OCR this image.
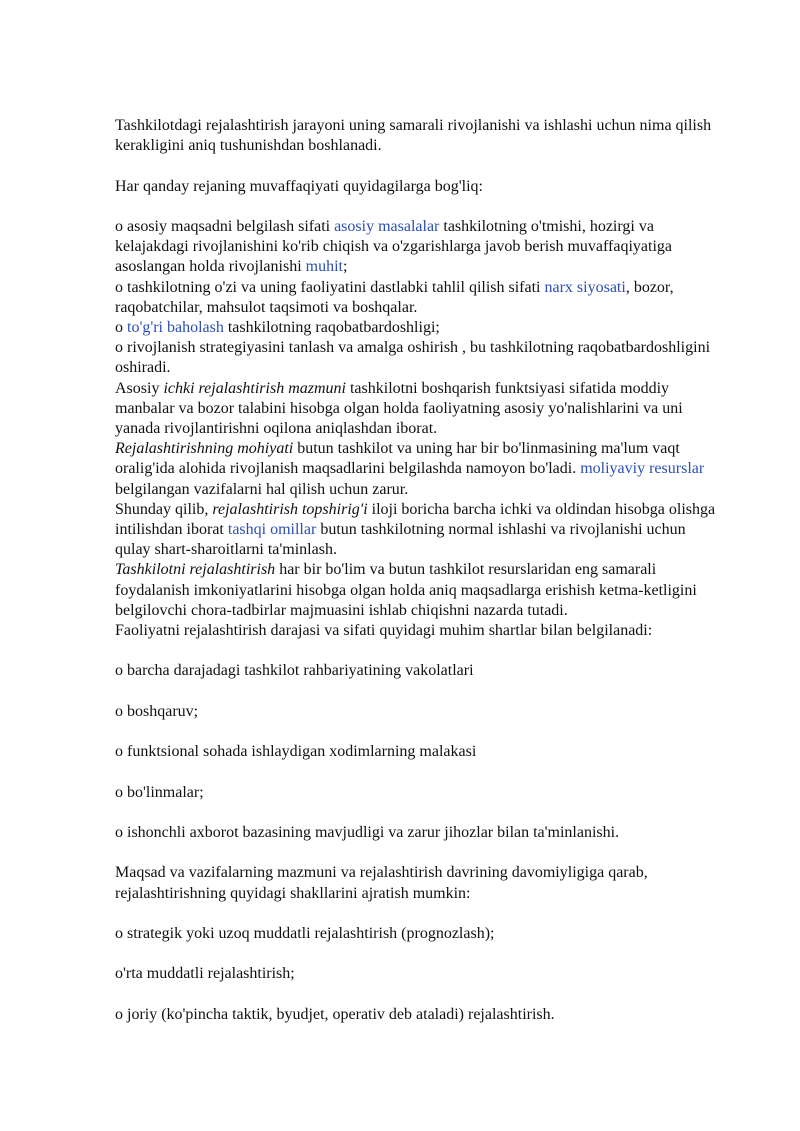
Tashkilotdagi rejalashtirish jarayoni uning samarali rivojlanishi va ishlashi uchun nima qilish kerakligini aniq tushunishdan boshlanadi.

Har qanday rejaning muvaffaqiyati quyidagilarga bog'liq:

o asosiy maqsadni belgilash sifati asosiy masalalar tashkilotning o'tmishi, hozirgi va kelajakdagi rivojlanishini ko'rib chiqish va o'zgarishlarga javob berish muvaffaqiyatiga asoslangan holda rivojlanishi muhit;

o tashkilotning o'zi va uning faoliyatini dastlabki tahlil qilish sifati narx siyosati, bozor, raqobatchilar, mahsulot taqsimoti va boshqalar.

o to'g'ri baholash tashkilotning raqobatbardoshligi;

o rivojlanish strategiyasini tanlash va amalga oshirish , bu tashkilotning raqobatbardoshligini oshiradi.

Asosiy ichki rejalashtirish mazmuni tashkilotni boshqarish funktsiyasi sifatida moddiy manbalar va bozor talabini hisobga olgan holda faoliyatning asosiy yo'nalishlarini va uni yanada rivojlantirishni oqilona aniqlashdan iborat.

Rejalashtirishning mohiyati butun tashkilot va uning har bir bo'linmasining ma'lum vaqt oralig'ida alohida rivojlanish maqsadlarini belgilashda namoyon bo'ladi. moliyaviy resurslar belgilangan vazifalarni hal qilish uchun zarur.

Shunday qilib, rejalashtirish topshirig'i iloji boricha barcha ichki va oldindan hisobga olishga intilishdan iborat tashqi omillar butun tashkilotning normal ishlashi va rivojlanishi uchun qulay shart-sharoitlarni ta'minlash.

Tashkilotni rejalashtirish har bir bo'lim va butun tashkilot resurslaridan eng samarali foydalanish imkoniyatlarini hisobga olgan holda aniq maqsadlarga erishish ketma-ketligini belgilovchi chora-tadbirlar majmuasini ishlab chiqishni nazarda tutadi.

Faoliyatni rejalashtirish darajasi va sifati quyidagi muhim shartlar bilan belgilanadi:

o barcha darajadagi tashkilot rahbariyatining vakolatlari

o boshqaruv;

o funktsional sohada ishlaydigan xodimlarning malakasi

o bo'linmalar;

o ishonchli axborot bazasining mavjudligi va zarur jihozlar bilan ta'minlanishi.

Maqsad va vazifalarning mazmuni va rejalashtirish davrining davomiyligiga qarab, rejalashtirishning quyidagi shakllarini ajratish mumkin:

o strategik yoki uzoq muddatli rejalashtirish (prognozlash);

o'rta muddatli rejalashtirish;

o joriy (ko'pincha taktik, byudjet, operativ deb ataladi) rejalashtirish.
